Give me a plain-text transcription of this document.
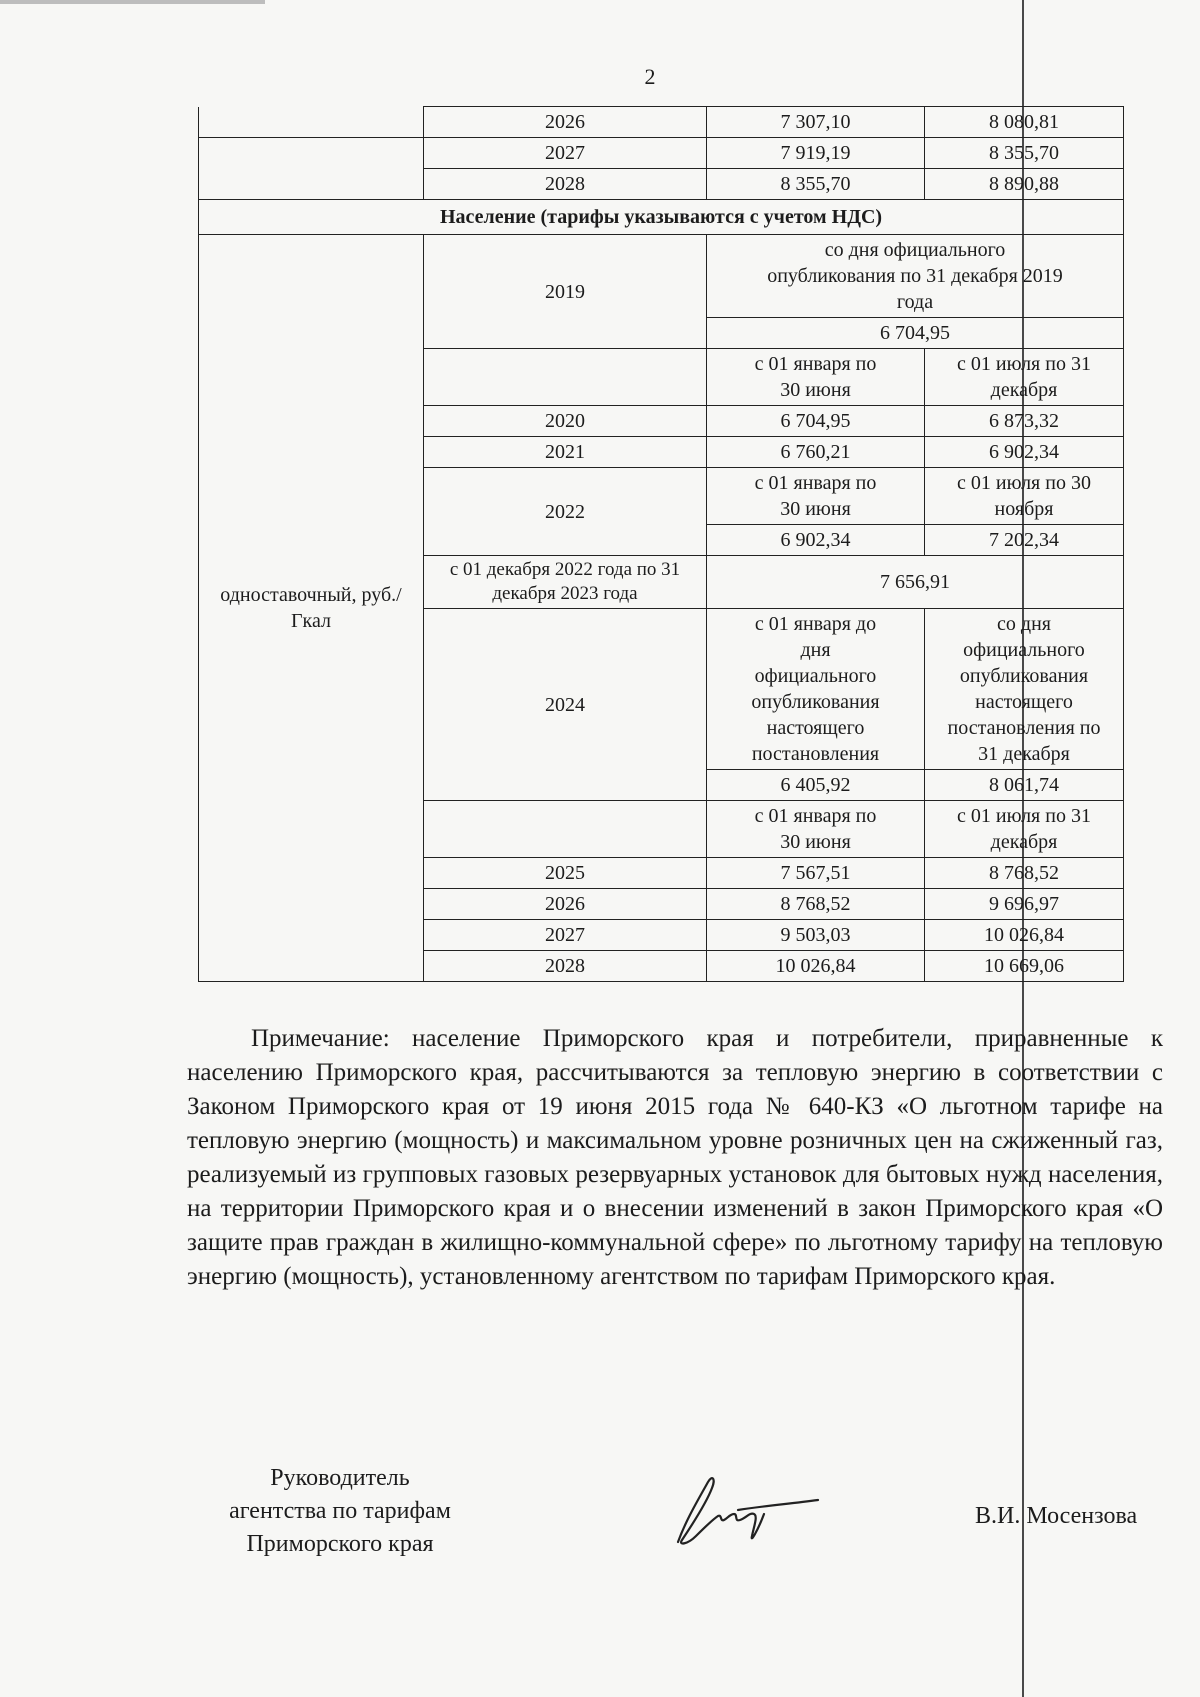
2
	2026	7 307,10	8 080,81
	2027	7 919,19	8 355,70
	2028	8 355,70	8 890,88
Население (тарифы указываются с учетом НДС)			
одноставочный, руб./Гкал	2019	со дня официального опубликования по 31 декабря 2019 года	
		6 704,95	
		с 01 января по 30 июня	с 01 июля по 31 декабря
	2020	6 704,95	6 873,32
	2021	6 760,21	6 902,34
	2022	с 01 января по 30 июня	с 01 июля по 30 ноября
		6 902,34	7 202,34
	с 01 декабря 2022 года по 31 декабря 2023 года	7 656,91	
	2024	с 01 января до дня официального опубликования настоящего постановления	со дня официального опубликования настоящего постановления по 31 декабря
		6 405,92	8 061,74
		с 01 января по 30 июня	с 01 июля по 31 декабря
	2025	7 567,51	8 768,52
	2026	8 768,52	9 696,97
	2027	9 503,03	10 026,84
	2028	10 026,84	10 669,06

Примечание: население Приморского края и потребители, приравненные к населению Приморского края, рассчитываются за тепловую энергию в соответствии с Законом Приморского края от 19 июня 2015 года № 640-КЗ «О льготном тарифе на тепловую энергию (мощность) и максимальном уровне розничных цен на сжиженный газ, реализуемый из групповых газовых резервуарных установок для бытовых нужд населения, на территории Приморского края и о внесении изменений в закон Приморского края «О защите прав граждан в жилищно-коммунальной сфере» по льготному тарифу на тепловую энергию (мощность), установленному агентством по тарифам Приморского края.

Руководитель
агентства по тарифам
Приморского края
В.И. Мосензова
